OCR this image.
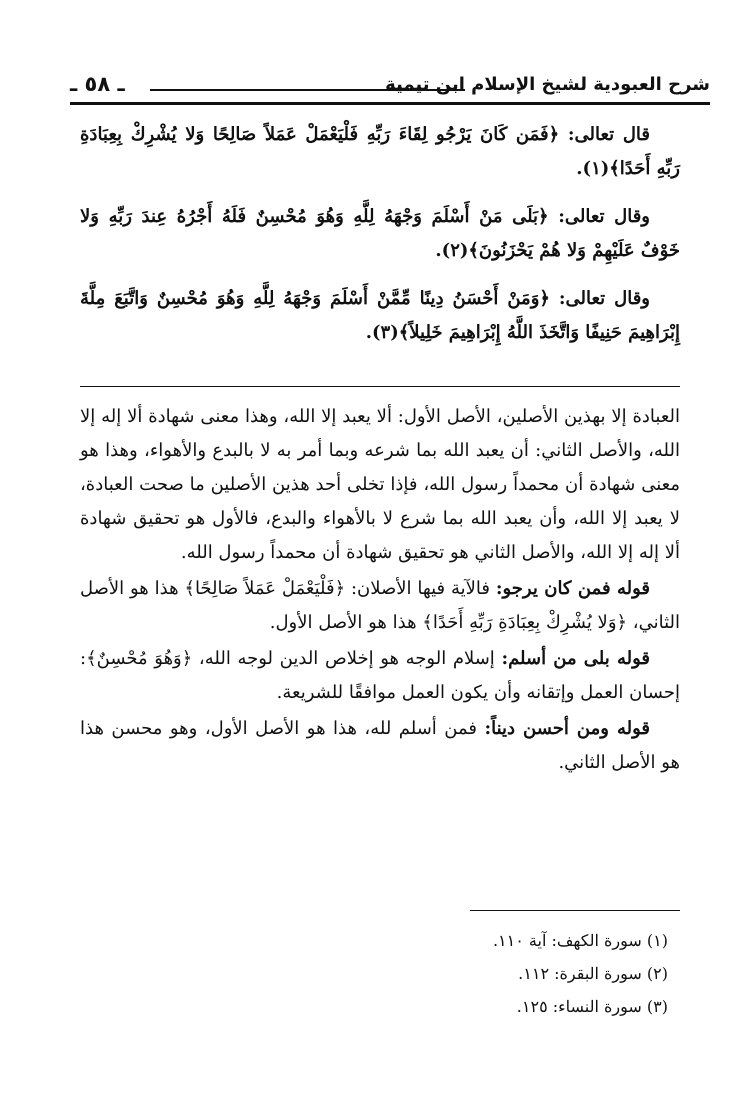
ـ ٥٨ ـ	شرح العبودية لشيخ الإسلام ابن تيمية

قال تعالى: ﴿فَمَن كَانَ يَرْجُو لِقَاءَ رَبِّهِ فَلْيَعْمَلْ عَمَلاً صَالِحًا وَلا يُشْرِكْ بِعِبَادَةِ رَبِّهِ أَحَدًا﴾(١).

وقال تعالى: ﴿بَلَى مَنْ أَسْلَمَ وَجْهَهُ لِلَّهِ وَهُوَ مُحْسِنٌ فَلَهُ أَجْرُهُ عِندَ رَبِّهِ وَلا خَوْفٌ عَلَيْهِمْ وَلا هُمْ يَحْزَنُونَ﴾(٢).

وقال تعالى: ﴿وَمَنْ أَحْسَنُ دِينًا مِّمَّنْ أَسْلَمَ وَجْهَهُ لِلَّهِ وَهُوَ مُحْسِنٌ وَاتَّبَعَ مِلَّةَ إِبْرَاهِيمَ حَنِيفًا وَاتَّخَذَ اللَّهُ إِبْرَاهِيمَ خَلِيلاً﴾(٣).

العبادة إلا بهذين الأصلين، الأصل الأول: ألا يعبد إلا الله، وهذا معنى شهادة ألا إله إلا الله، والأصل الثاني: أن يعبد الله بما شرعه وبما أمر به لا بالبدع والأهواء، وهذا هو معنى شهادة أن محمداً رسول الله، فإذا تخلى أحد هذين الأصلين ما صحت العبادة، لا يعبد إلا الله، وأن يعبد الله بما شرع لا بالأهواء والبدع، فالأول هو تحقيق شهادة ألا إله إلا الله، والأصل الثاني هو تحقيق شهادة أن محمداً رسول الله.

قوله فمن كان يرجو: فالآية فيها الأصلان: ﴿فَلْيَعْمَلْ عَمَلاً صَالِحًا﴾ هذا هو الأصل الثاني، ﴿وَلا يُشْرِكْ بِعِبَادَةِ رَبِّهِ أَحَدًا﴾ هذا هو الأصل الأول.

قوله بلى من أسلم: إسلام الوجه هو إخلاص الدين لوجه الله، ﴿وَهُوَ مُحْسِنٌ﴾: إحسان العمل وإتقانه وأن يكون العمل موافقًا للشريعة.

قوله ومن أحسن ديناً: فمن أسلم لله، هذا هو الأصل الأول، وهو محسن هذا هو الأصل الثاني.

(١) سورة الكهف: آية ١١٠.
(٢) سورة البقرة: ١١٢.
(٣) سورة النساء: ١٢٥.
